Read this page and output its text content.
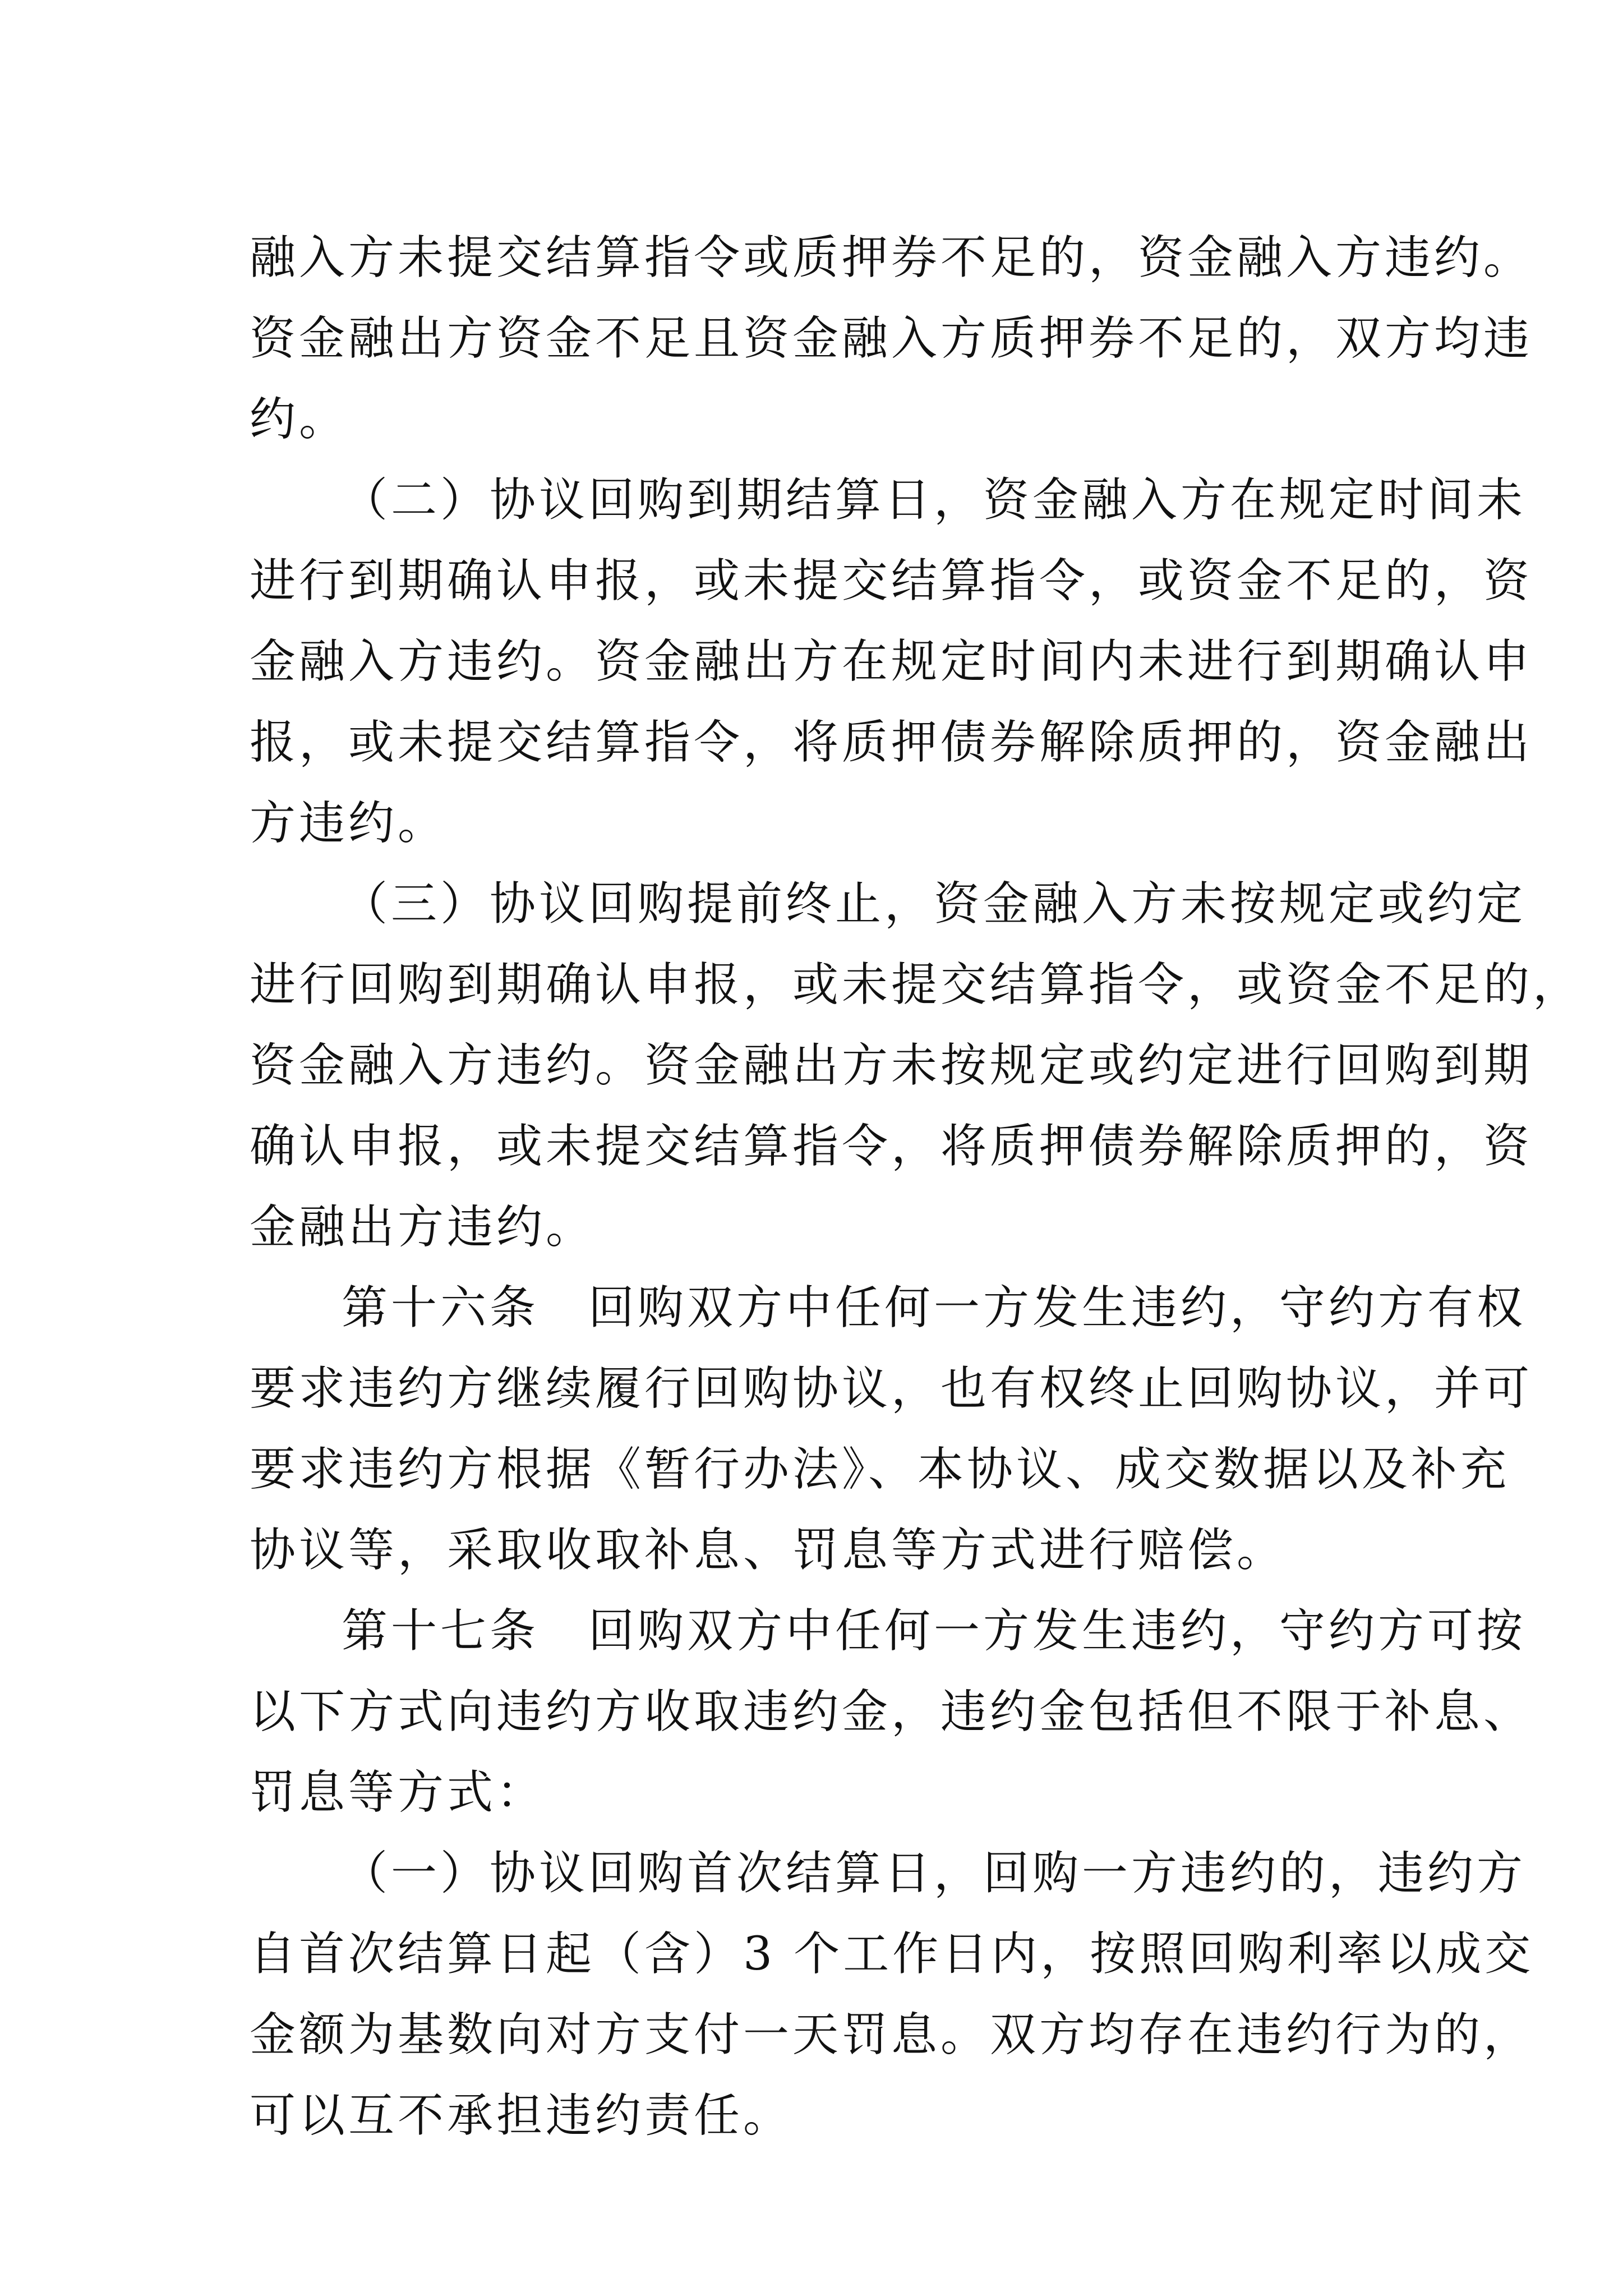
融入方未提交结算指令或质押券不足的，资金融入方违约。
资金融出方资金不足且资金融入方质押券不足的，双方均违
约。
（二）协议回购到期结算日，资金融入方在规定时间未
进行到期确认申报，或未提交结算指令，或资金不足的，资
金融入方违约。资金融出方在规定时间内未进行到期确认申
报，或未提交结算指令，将质押债券解除质押的，资金融出
方违约。
（三）协议回购提前终止，资金融入方未按规定或约定
进行回购到期确认申报，或未提交结算指令，或资金不足的，
资金融入方违约。资金融出方未按规定或约定进行回购到期
确认申报，或未提交结算指令，将质押债券解除质押的，资
金融出方违约。
第十六条　回购双方中任何一方发生违约，守约方有权
要求违约方继续履行回购协议，也有权终止回购协议，并可
要求违约方根据《暂行办法》、本协议、成交数据以及补充
协议等，采取收取补息、罚息等方式进行赔偿。
第十七条　回购双方中任何一方发生违约，守约方可按
以下方式向违约方收取违约金，违约金包括但不限于补息、
罚息等方式：
（一）协议回购首次结算日，回购一方违约的，违约方
自首次结算日起（含）3 个工作日内，按照回购利率以成交
金额为基数向对方支付一天罚息。双方均存在违约行为的，
可以互不承担违约责任。
